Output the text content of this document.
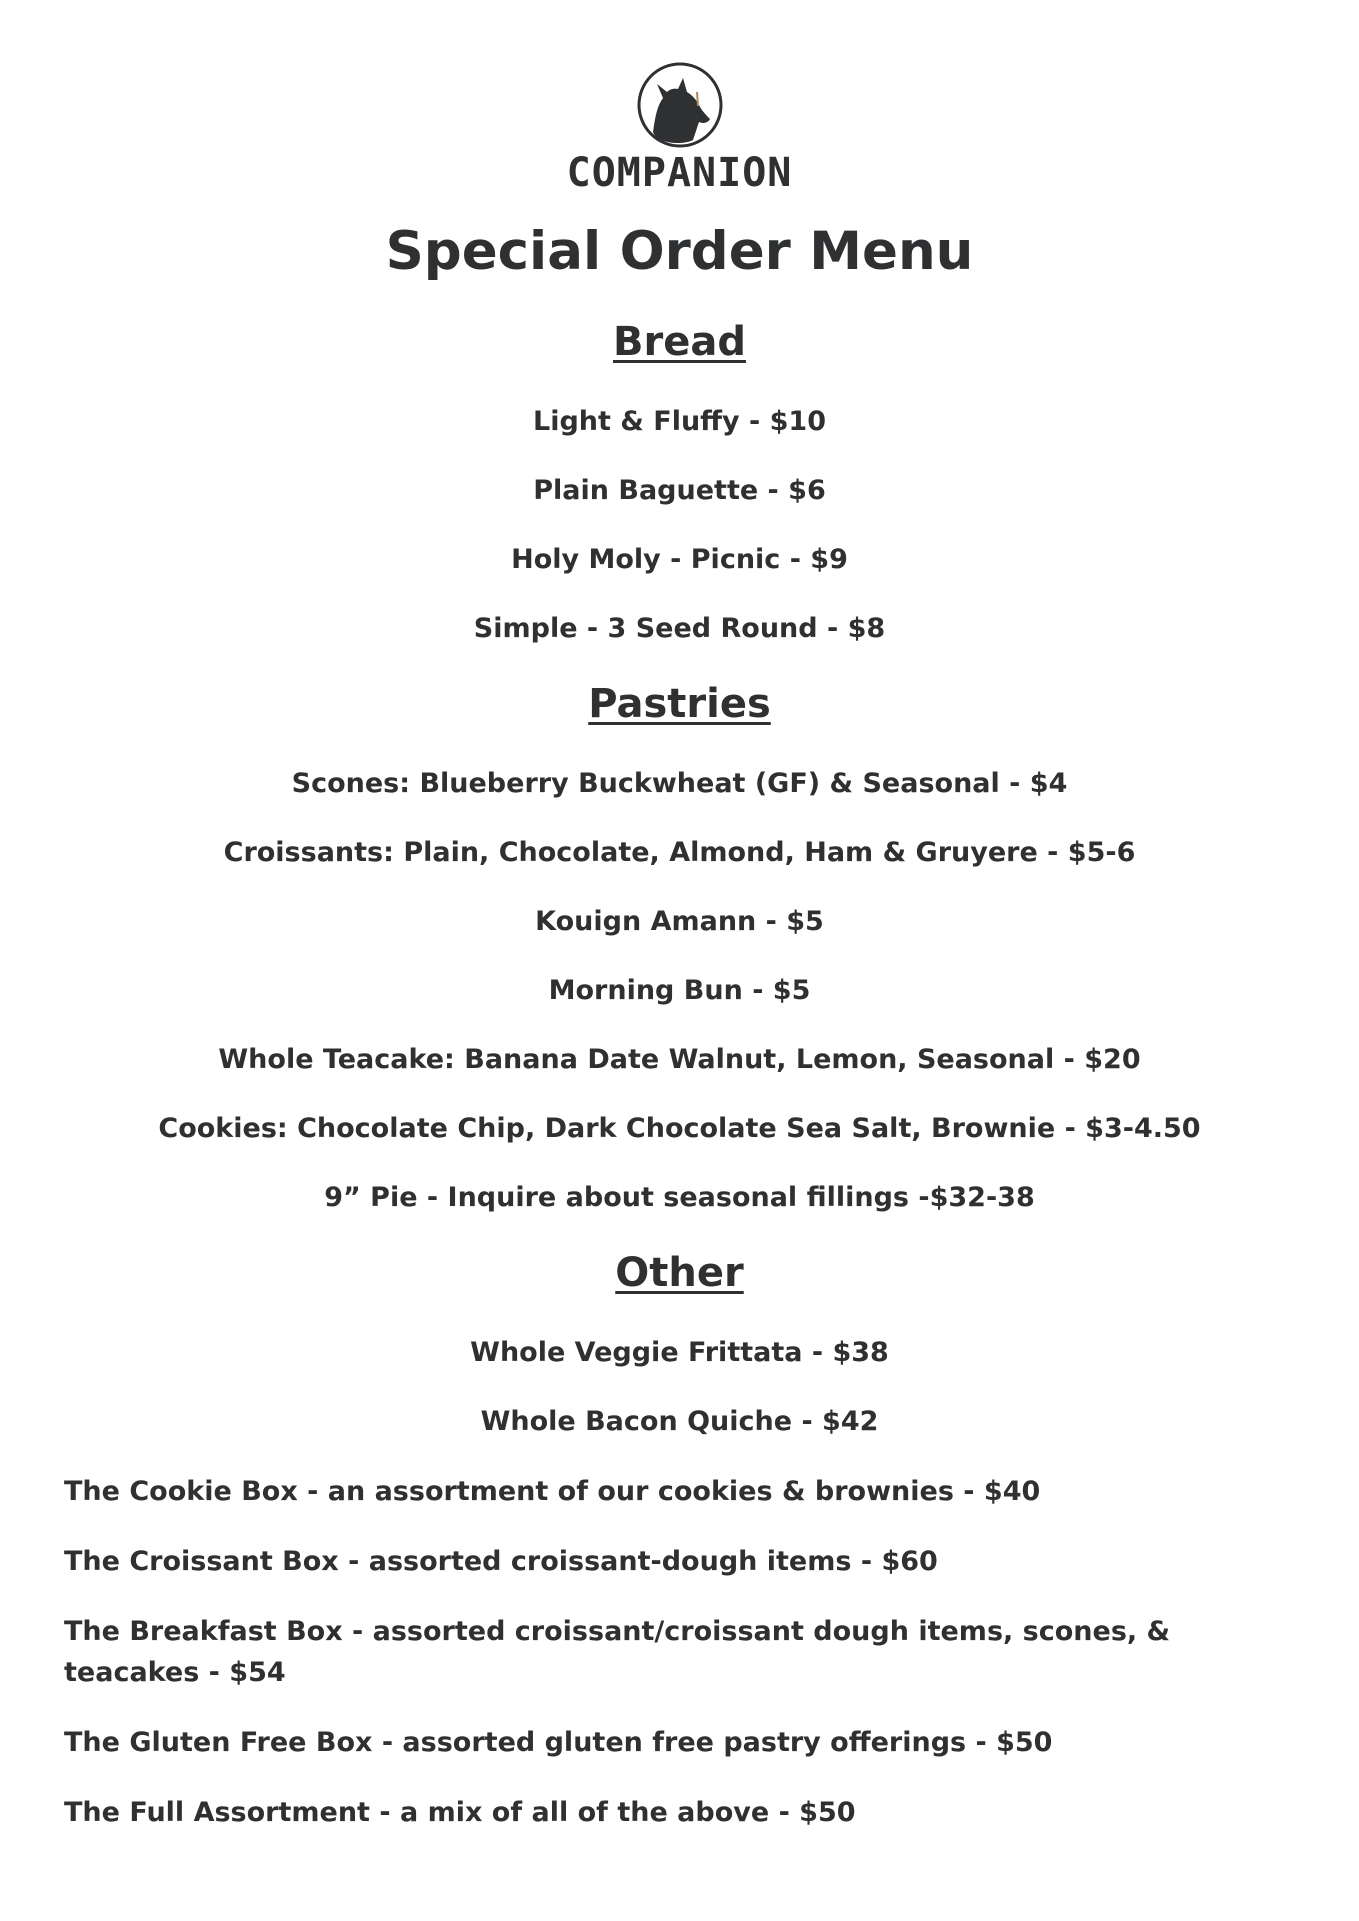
COMPANION
Special Order Menu
Bread

Light & Fluffy - $10

Plain Baguette - $6

Holy Moly - Picnic - $9

Simple - 3 Seed Round - $8

Pastries

Scones: Blueberry Buckwheat (GF) & Seasonal - $4

Croissants: Plain, Chocolate, Almond, Ham & Gruyere - $5-6

Kouign Amann - $5

Morning Bun - $5

Whole Teacake: Banana Date Walnut, Lemon, Seasonal - $20

Cookies: Chocolate Chip, Dark Chocolate Sea Salt, Brownie - $3-4.50

9” Pie - Inquire about seasonal fillings -$32-38

Other

Whole Veggie Frittata - $38

Whole Bacon Quiche - $42

The Cookie Box - an assortment of our cookies & brownies - $40

The Croissant Box - assorted croissant-dough items - $60

The Breakfast Box - assorted croissant/croissant dough items, scones, & teacakes - $54

The Gluten Free Box - assorted gluten free pastry offerings - $50

The Full Assortment - a mix of all of the above - $50
